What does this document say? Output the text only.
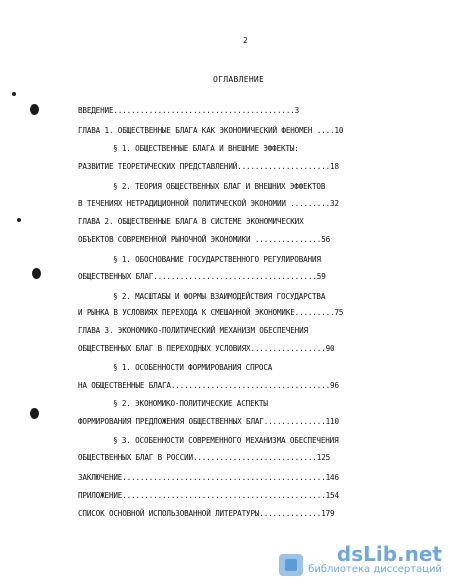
2
ОГЛАВЛЕНИЕ
ВВЕДЕНИЕ.........................................3
ГЛАВА 1. ОБЩЕСТВЕННЫЕ БЛАГА КАК ЭКОНОМИЧЕСКИЙ ФЕНОМЕН ....10
§ 1. ОБЩЕСТВЕННЫЕ БЛАГА И ВНЕШНИЕ ЭФФЕКТЫ:
РАЗВИТИЕ ТЕОРЕТИЧЕСКИХ ПРЕДСТАВЛЕНИЙ.....................18
§ 2. ТЕОРИЯ ОБЩЕСТВЕННЫХ БЛАГ И ВНЕШНИХ ЭФФЕКТОВ
В ТЕЧЕНИЯХ НЕТРАДИЦИОННОЙ ПОЛИТИЧЕСКОЙ ЭКОНОМИИ .........32
ГЛАВА 2. ОБЩЕСТВЕННЫЕ БЛАГА В СИСТЕМЕ ЭКОНОМИЧЕСКИХ
ОБЪЕКТОВ СОВРЕМЕННОЙ РЫНОЧНОЙ ЭКОНОМИКИ ...............56
§ 1. ОБОСНОВАНИЕ ГОСУДАРСТВЕННОГО РЕГУЛИРОВАНИЯ
ОБЩЕСТВЕННЫХ БЛАГ.....................................59
§ 2. МАСШТАБЫ И ФОРМЫ ВЗАИМОДЕЙСТВИЯ ГОСУДАРСТВА
И РЫНКА В УСЛОВИЯХ ПЕРЕХОДА К СМЕШАННОЙ ЭКОНОМИКЕ.........75
ГЛАВА 3. ЭКОНОМИКО-ПОЛИТИЧЕСКИЙ МЕХАНИЗМ ОБЕСПЕЧЕНИЯ
ОБЩЕСТВЕННЫХ БЛАГ В ПЕРЕХОДНЫХ УСЛОВИЯХ.................90
§ 1. ОСОБЕННОСТИ ФОРМИРОВАНИЯ СПРОСА
НА ОБЩЕСТВЕННЫЕ БЛАГА....................................96
§ 2. ЭКОНОМИКО-ПОЛИТИЧЕСКИЕ АСПЕКТЫ
ФОРМИРОВАНИЯ ПРЕДЛОЖЕНИЯ ОБЩЕСТВЕННЫХ БЛАГ..............110
§ 3. ОСОБЕННОСТИ СОВРЕМЕННОГО МЕХАНИЗМА ОБЕСПЕЧЕНИЯ
ОБЩЕСТВЕННЫХ БЛАГ В РОССИИ............................125
ЗАКЛЮЧЕНИЕ..............................................146
ПРИЛОЖЕНИЕ..............................................154
СПИСОК ОСНОВНОЙ ИСПОЛЬЗОВАННОЙ ЛИТЕРАТУРЫ..............179
dsLib.net
библиотека диссертаций
